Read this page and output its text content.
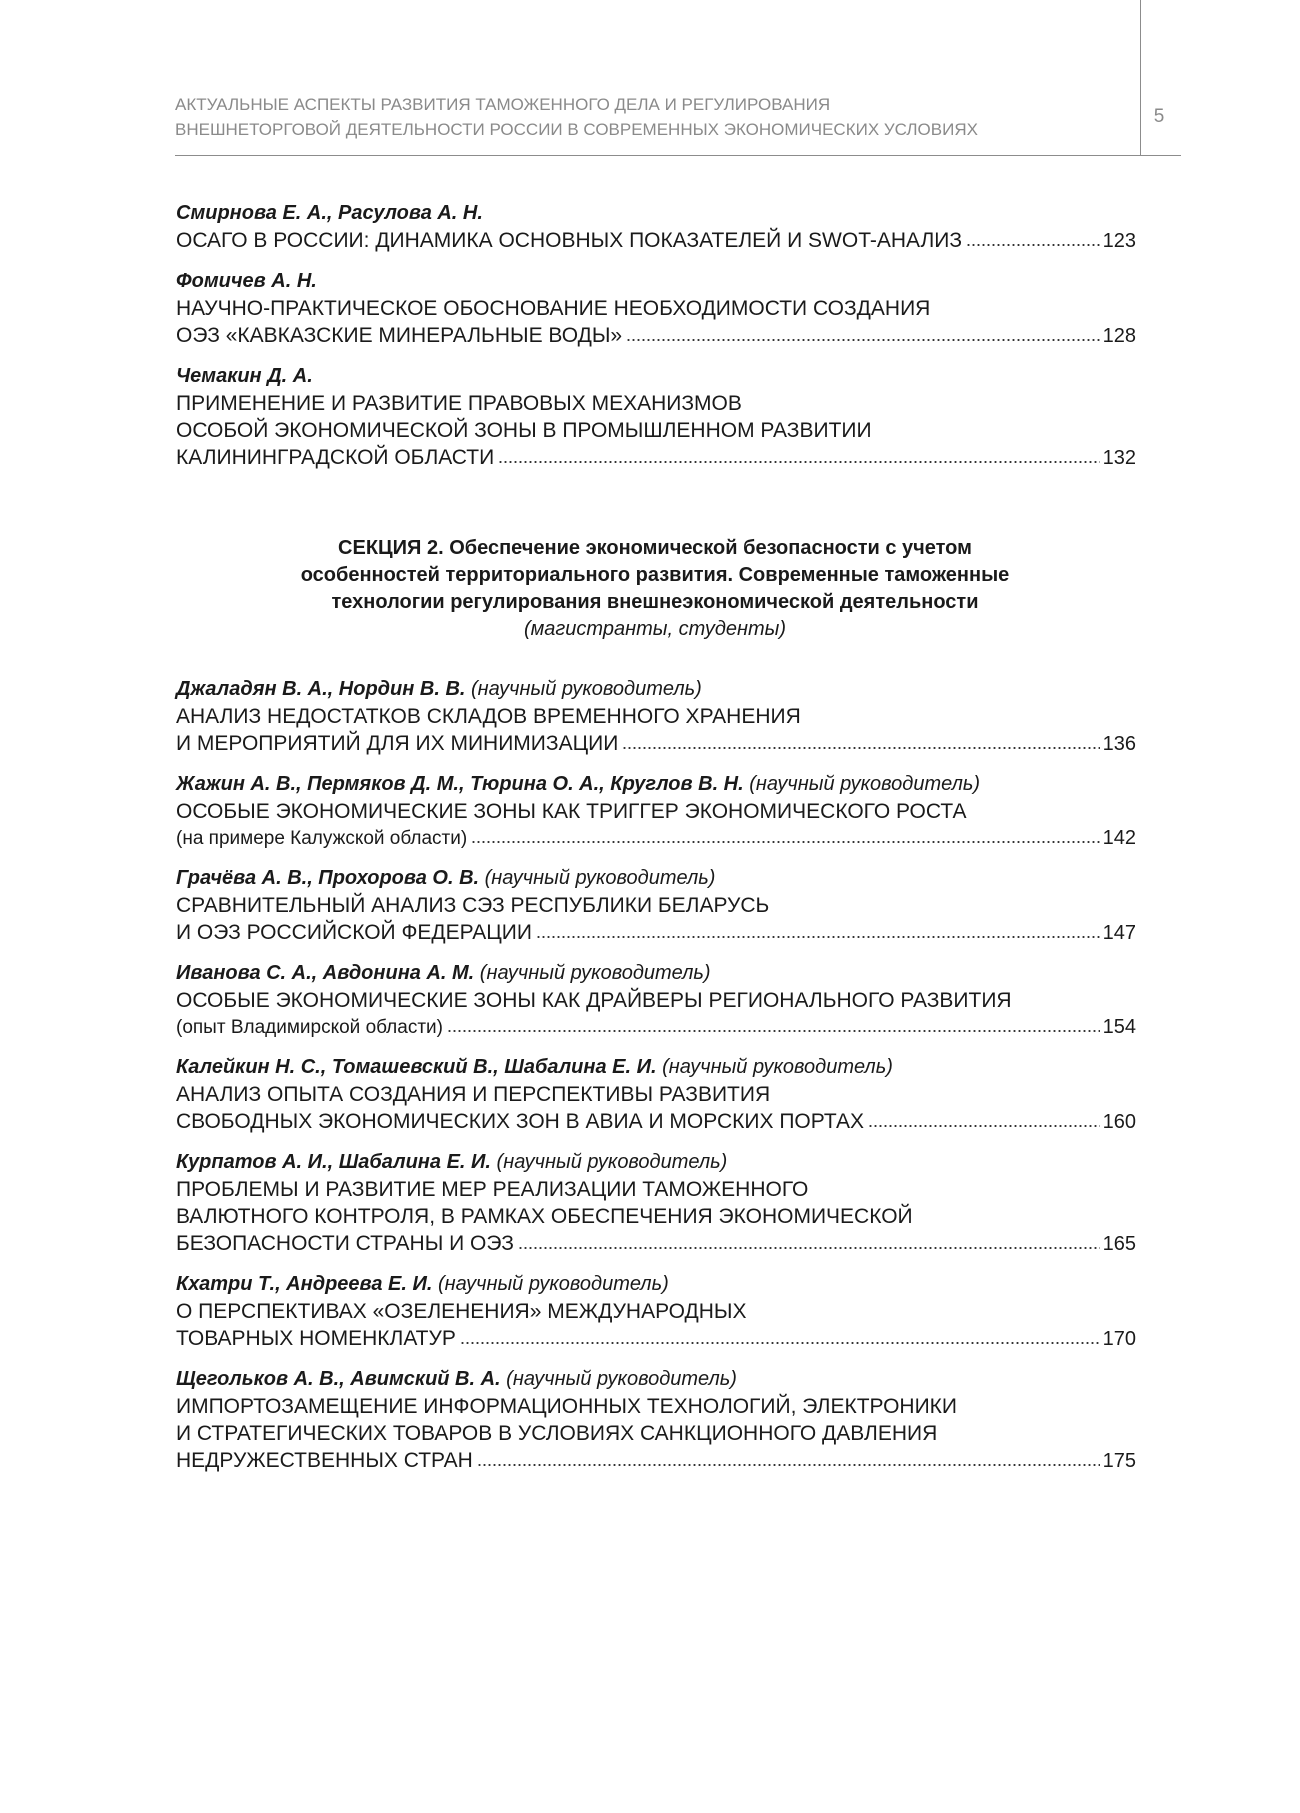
АКТУАЛЬНЫЕ АСПЕКТЫ РАЗВИТИЯ ТАМОЖЕННОГО ДЕЛА И РЕГУЛИРОВАНИЯ
ВНЕШНЕТОРГОВОЙ ДЕЯТЕЛЬНОСТИ РОССИИ В СОВРЕМЕННЫХ ЭКОНОМИЧЕСКИХ УСЛОВИЯХ
5
Смирнова Е. А., Расулова А. Н.
ОСАГО В РОССИИ: ДИНАМИКА ОСНОВНЫХ ПОКАЗАТЕЛЕЙ И SWOT-АНАЛИЗ	123
Фомичев А. Н.
НАУЧНО-ПРАКТИЧЕСКОЕ ОБОСНОВАНИЕ НЕОБХОДИМОСТИ СОЗДАНИЯ
ОЭЗ «КАВКАЗСКИЕ МИНЕРАЛЬНЫЕ ВОДЫ»	128
Чемакин Д. А.
ПРИМЕНЕНИЕ И РАЗВИТИЕ ПРАВОВЫХ МЕХАНИЗМОВ
ОСОБОЙ ЭКОНОМИЧЕСКОЙ ЗОНЫ В ПРОМЫШЛЕННОМ РАЗВИТИИ
КАЛИНИНГРАДСКОЙ ОБЛАСТИ	132
СЕКЦИЯ 2. Обеспечение экономической безопасности с учетом
особенностей территориального развития. Современные таможенные
технологии регулирования внешнеэкономической деятельности
(магистранты, студенты)
Джаладян В. А., Нордин В. В. (научный руководитель)
АНАЛИЗ НЕДОСТАТКОВ СКЛАДОВ ВРЕМЕННОГО ХРАНЕНИЯ
И МЕРОПРИЯТИЙ ДЛЯ ИХ МИНИМИЗАЦИИ	136
Жажин А. В., Пермяков Д. М., Тюрина О. А., Круглов В. Н. (научный руководитель)
ОСОБЫЕ ЭКОНОМИЧЕСКИЕ ЗОНЫ КАК ТРИГГЕР ЭКОНОМИЧЕСКОГО РОСТА
(на примере Калужской области)	142
Грачёва А. В., Прохорова О. В. (научный руководитель)
СРАВНИТЕЛЬНЫЙ АНАЛИЗ СЭЗ РЕСПУБЛИКИ БЕЛАРУСЬ
И ОЭЗ РОССИЙСКОЙ ФЕДЕРАЦИИ	147
Иванова С. А., Авдонина А. М. (научный руководитель)
ОСОБЫЕ ЭКОНОМИЧЕСКИЕ ЗОНЫ КАК ДРАЙВЕРЫ РЕГИОНАЛЬНОГО РАЗВИТИЯ
(опыт Владимирской области)	154
Калейкин Н. С., Томашевский В., Шабалина Е. И. (научный руководитель)
АНАЛИЗ ОПЫТА СОЗДАНИЯ И ПЕРСПЕКТИВЫ РАЗВИТИЯ
СВОБОДНЫХ ЭКОНОМИЧЕСКИХ ЗОН В АВИА И МОРСКИХ ПОРТАХ	160
Курпатов А. И., Шабалина Е. И. (научный руководитель)
ПРОБЛЕМЫ И РАЗВИТИЕ МЕР РЕАЛИЗАЦИИ ТАМОЖЕННОГО
ВАЛЮТНОГО КОНТРОЛЯ, В РАМКАХ ОБЕСПЕЧЕНИЯ ЭКОНОМИЧЕСКОЙ
БЕЗОПАСНОСТИ СТРАНЫ И ОЭЗ	165
Кхатри Т., Андреева Е. И. (научный руководитель)
О ПЕРСПЕКТИВАХ «ОЗЕЛЕНЕНИЯ» МЕЖДУНАРОДНЫХ
ТОВАРНЫХ НОМЕНКЛАТУР	170
Щегольков А. В., Авимский В. А. (научный руководитель)
ИМПОРТОЗАМЕЩЕНИЕ ИНФОРМАЦИОННЫХ ТЕХНОЛОГИЙ, ЭЛЕКТРОНИКИ
И СТРАТЕГИЧЕСКИХ ТОВАРОВ В УСЛОВИЯХ САНКЦИОННОГО ДАВЛЕНИЯ
НЕДРУЖЕСТВЕННЫХ СТРАН	175
